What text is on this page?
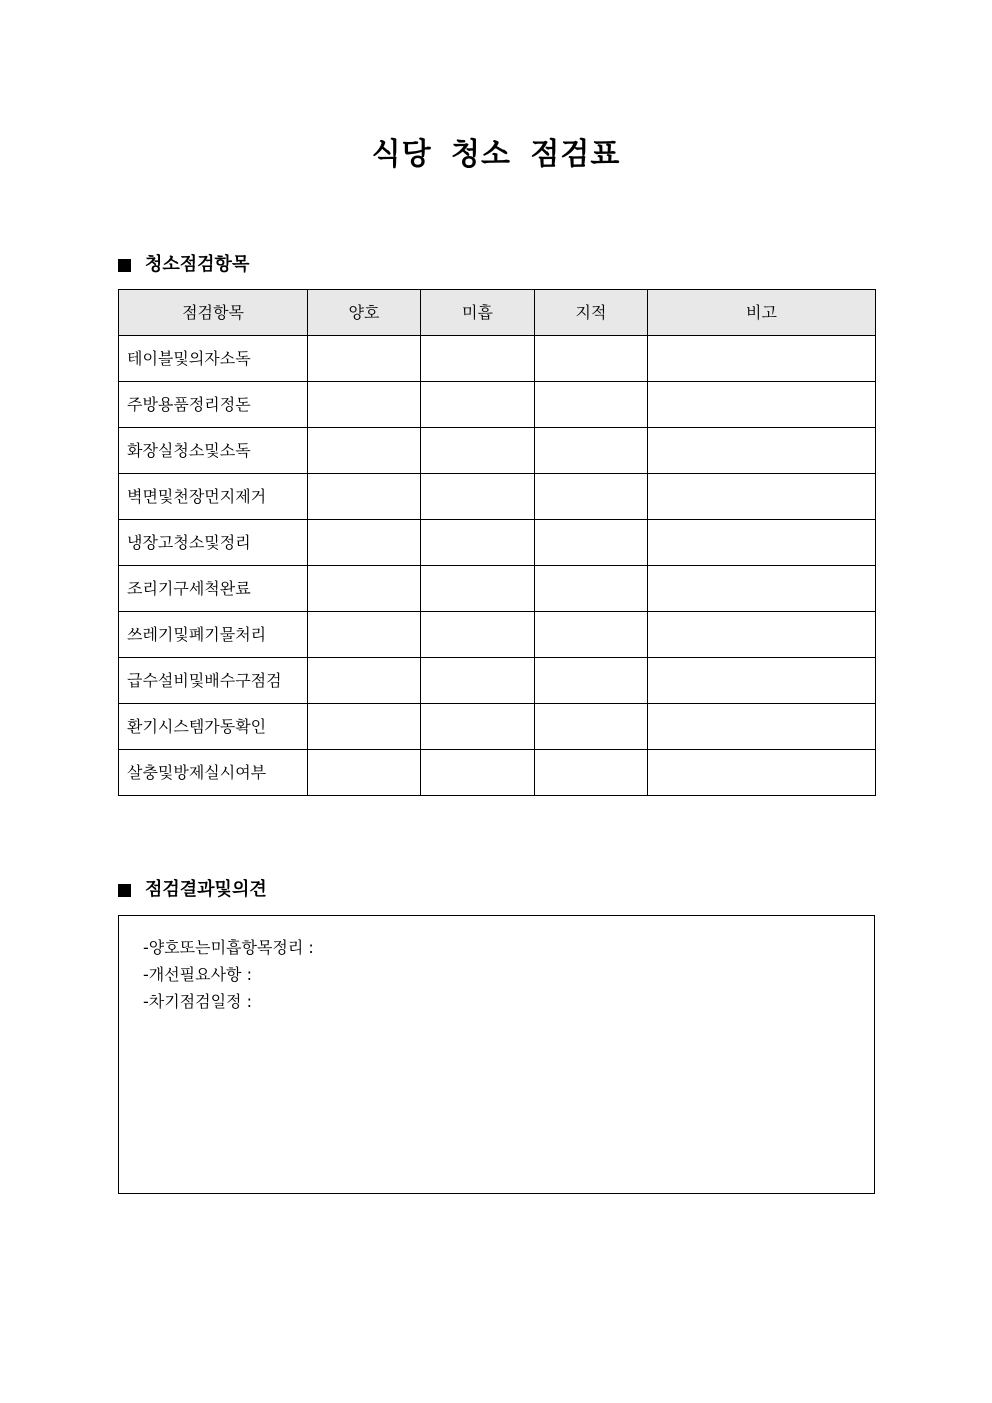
식당 청소 점검표
청소점검항목
점검항목	양호	미흡	지적	비고
테이블및의자소독				
주방용품정리정돈				
화장실청소및소독				
벽면및천장먼지제거				
냉장고청소및정리				
조리기구세척완료				
쓰레기및폐기물처리				
급수설비및배수구점검				
환기시스템가동확인				
살충및방제실시여부				
점검결과및의견
-양호또는미흡항목정리 :
-개선필요사항 :
-차기점검일정 :
